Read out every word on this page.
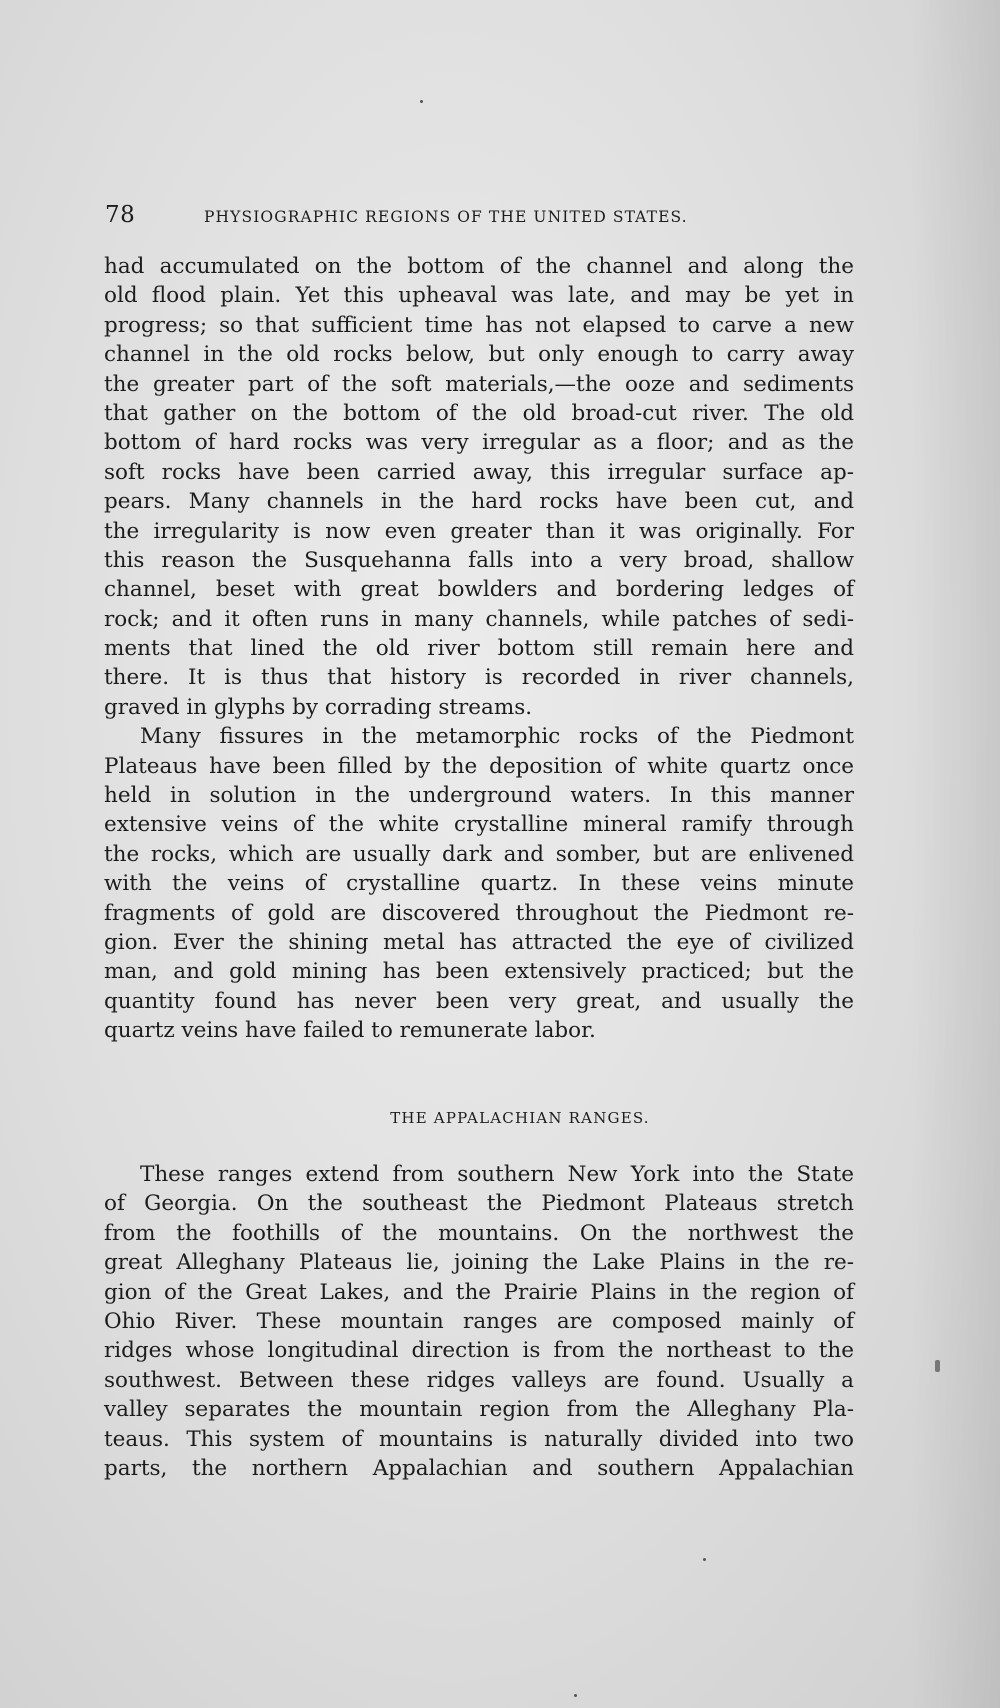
78	PHYSIOGRAPHIC REGIONS OF THE UNITED STATES.
had accumulated on the bottom of the channel and along the
old flood plain. Yet this upheaval was late, and may be yet in
progress; so that sufficient time has not elapsed to carve a new
channel in the old rocks below, but only enough to carry away
the greater part of the soft materials,—the ooze and sediments
that gather on the bottom of the old broad-cut river. The old
bottom of hard rocks was very irregular as a floor; and as the
soft rocks have been carried away, this irregular surface ap-
pears. Many channels in the hard rocks have been cut, and
the irregularity is now even greater than it was originally. For
this reason the Susquehanna falls into a very broad, shallow
channel, beset with great bowlders and bordering ledges of
rock; and it often runs in many channels, while patches of sedi-
ments that lined the old river bottom still remain here and
there. It is thus that history is recorded in river channels,
graved in glyphs by corrading streams.
Many fissures in the metamorphic rocks of the Piedmont
Plateaus have been filled by the deposition of white quartz once
held in solution in the underground waters. In this manner
extensive veins of the white crystalline mineral ramify through
the rocks, which are usually dark and somber, but are enlivened
with the veins of crystalline quartz. In these veins minute
fragments of gold are discovered throughout the Piedmont re-
gion. Ever the shining metal has attracted the eye of civilized
man, and gold mining has been extensively practiced; but the
quantity found has never been very great, and usually the
quartz veins have failed to remunerate labor.
THE APPALACHIAN RANGES.
These ranges extend from southern New York into the State
of Georgia. On the southeast the Piedmont Plateaus stretch
from the foothills of the mountains. On the northwest the
great Alleghany Plateaus lie, joining the Lake Plains in the re-
gion of the Great Lakes, and the Prairie Plains in the region of
Ohio River. These mountain ranges are composed mainly of
ridges whose longitudinal direction is from the northeast to the
southwest. Between these ridges valleys are found. Usually a
valley separates the mountain region from the Alleghany Pla-
teaus. This system of mountains is naturally divided into two
parts, the northern Appalachian and southern Appalachian
